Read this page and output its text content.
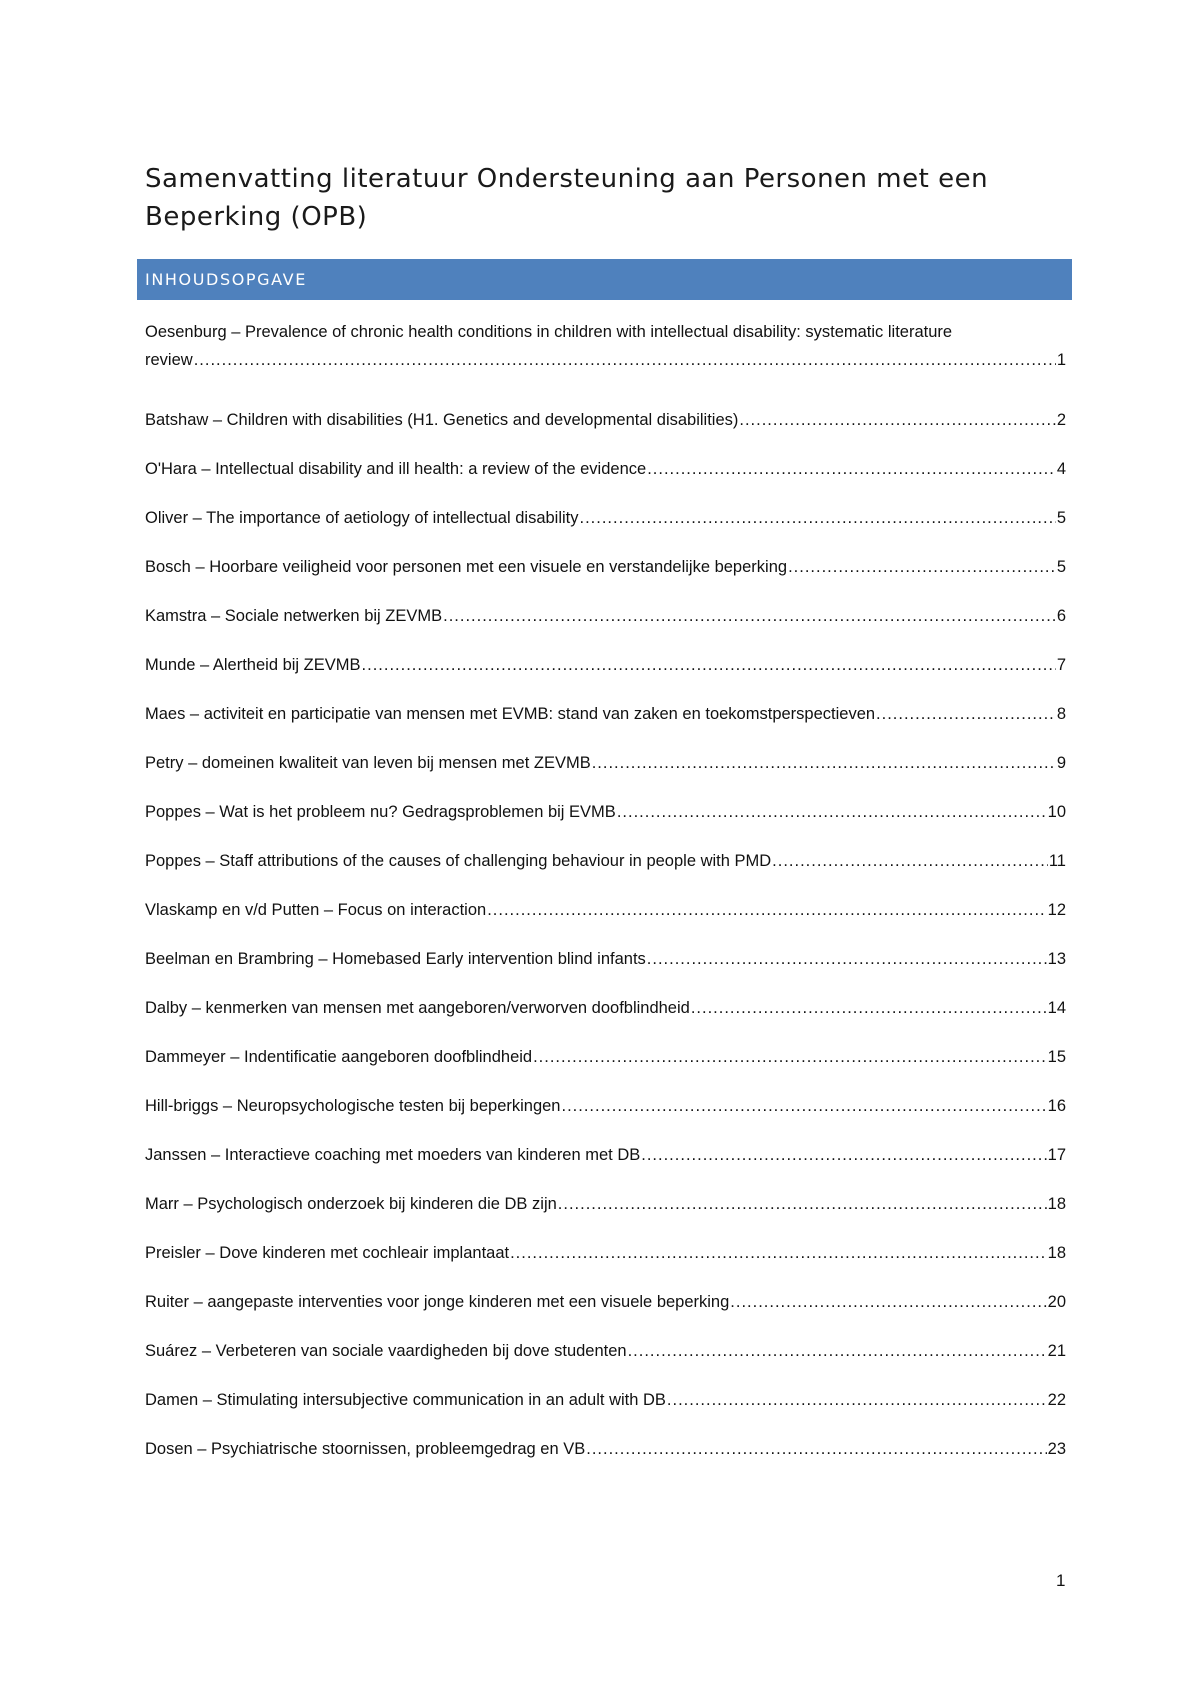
Samenvatting literatuur Ondersteuning aan Personen met een Beperking (OPB)
INHOUDSOPGAVE
Oesenburg – Prevalence of chronic health conditions in children with intellectual disability: systematic literature
review .....	1
Batshaw – Children with disabilities (H1. Genetics and developmental disabilities) .....	2
O'Hara – Intellectual disability and ill health: a review of the evidence .....	4
Oliver – The importance of aetiology of intellectual disability .....	5
Bosch – Hoorbare veiligheid voor personen met een visuele en verstandelijke beperking .....	5
Kamstra – Sociale netwerken bij ZEVMB .....	6
Munde – Alertheid bij ZEVMB .....	7
Maes – activiteit en participatie van mensen met EVMB: stand van zaken en toekomstperspectieven .....	8
Petry – domeinen kwaliteit van leven bij mensen met ZEVMB .....	9
Poppes – Wat is het probleem nu? Gedragsproblemen bij EVMB .....	10
Poppes – Staff attributions of the causes of challenging behaviour in people with PMD .....	11
Vlaskamp en v/d Putten – Focus on interaction .....	12
Beelman en Brambring – Homebased Early intervention blind infants .....	13
Dalby – kenmerken van mensen met aangeboren/verworven doofblindheid .....	14
Dammeyer – Indentificatie aangeboren doofblindheid .....	15
Hill-briggs – Neuropsychologische testen bij beperkingen .....	16
Janssen – Interactieve coaching met moeders van kinderen met DB .....	17
Marr – Psychologisch onderzoek bij kinderen die DB zijn .....	18
Preisler – Dove kinderen met cochleair implantaat .....	18
Ruiter – aangepaste interventies voor jonge kinderen met een visuele beperking .....	20
Suárez – Verbeteren van sociale vaardigheden bij dove studenten .....	21
Damen – Stimulating intersubjective communication in an adult with DB .....	22
Dosen – Psychiatrische stoornissen, probleemgedrag en VB .....	23
1
